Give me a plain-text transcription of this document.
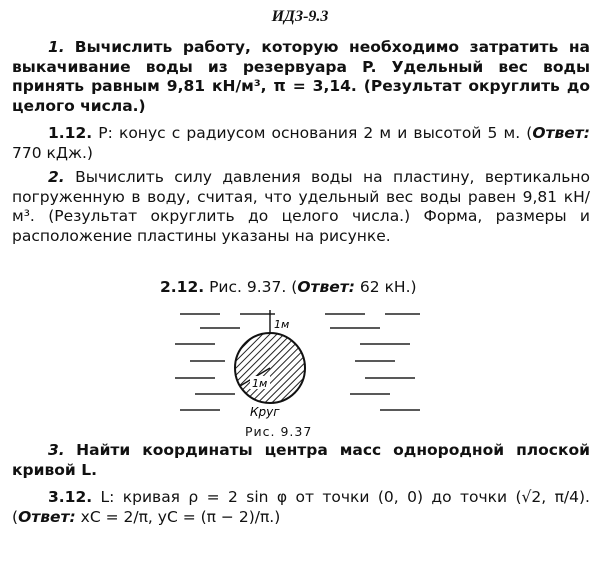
ИДЗ-9.3
1. Вычислить работу, которую необходимо затратить на выкачивание воды из резервуара P. Удельный вес воды принять равным 9,81 кН/м³, π = 3,14. (Результат округлить до целого числа.)
1.12. P: конус с радиусом основания 2 м и высотой 5 м. (Ответ: 770 кДж.)
2. Вычислить силу давления воды на пластину, вертикально погруженную в воду, считая, что удельный вес воды равен 9,81 кН/м³. (Результат округлить до целого числа.) Форма, размеры и расположение пластины указаны на рисунке.
2.12. Рис. 9.37. (Ответ: 62 кН.)
1м
1м
Круг
Рис. 9.37
3. Найти координаты центра масс однородной плоской кривой L.
3.12. L: кривая ρ = 2 sin φ от точки (0, 0) до точки (√2, π/4). (Ответ: xC = 2/π, yC = (π − 2)/π.)
